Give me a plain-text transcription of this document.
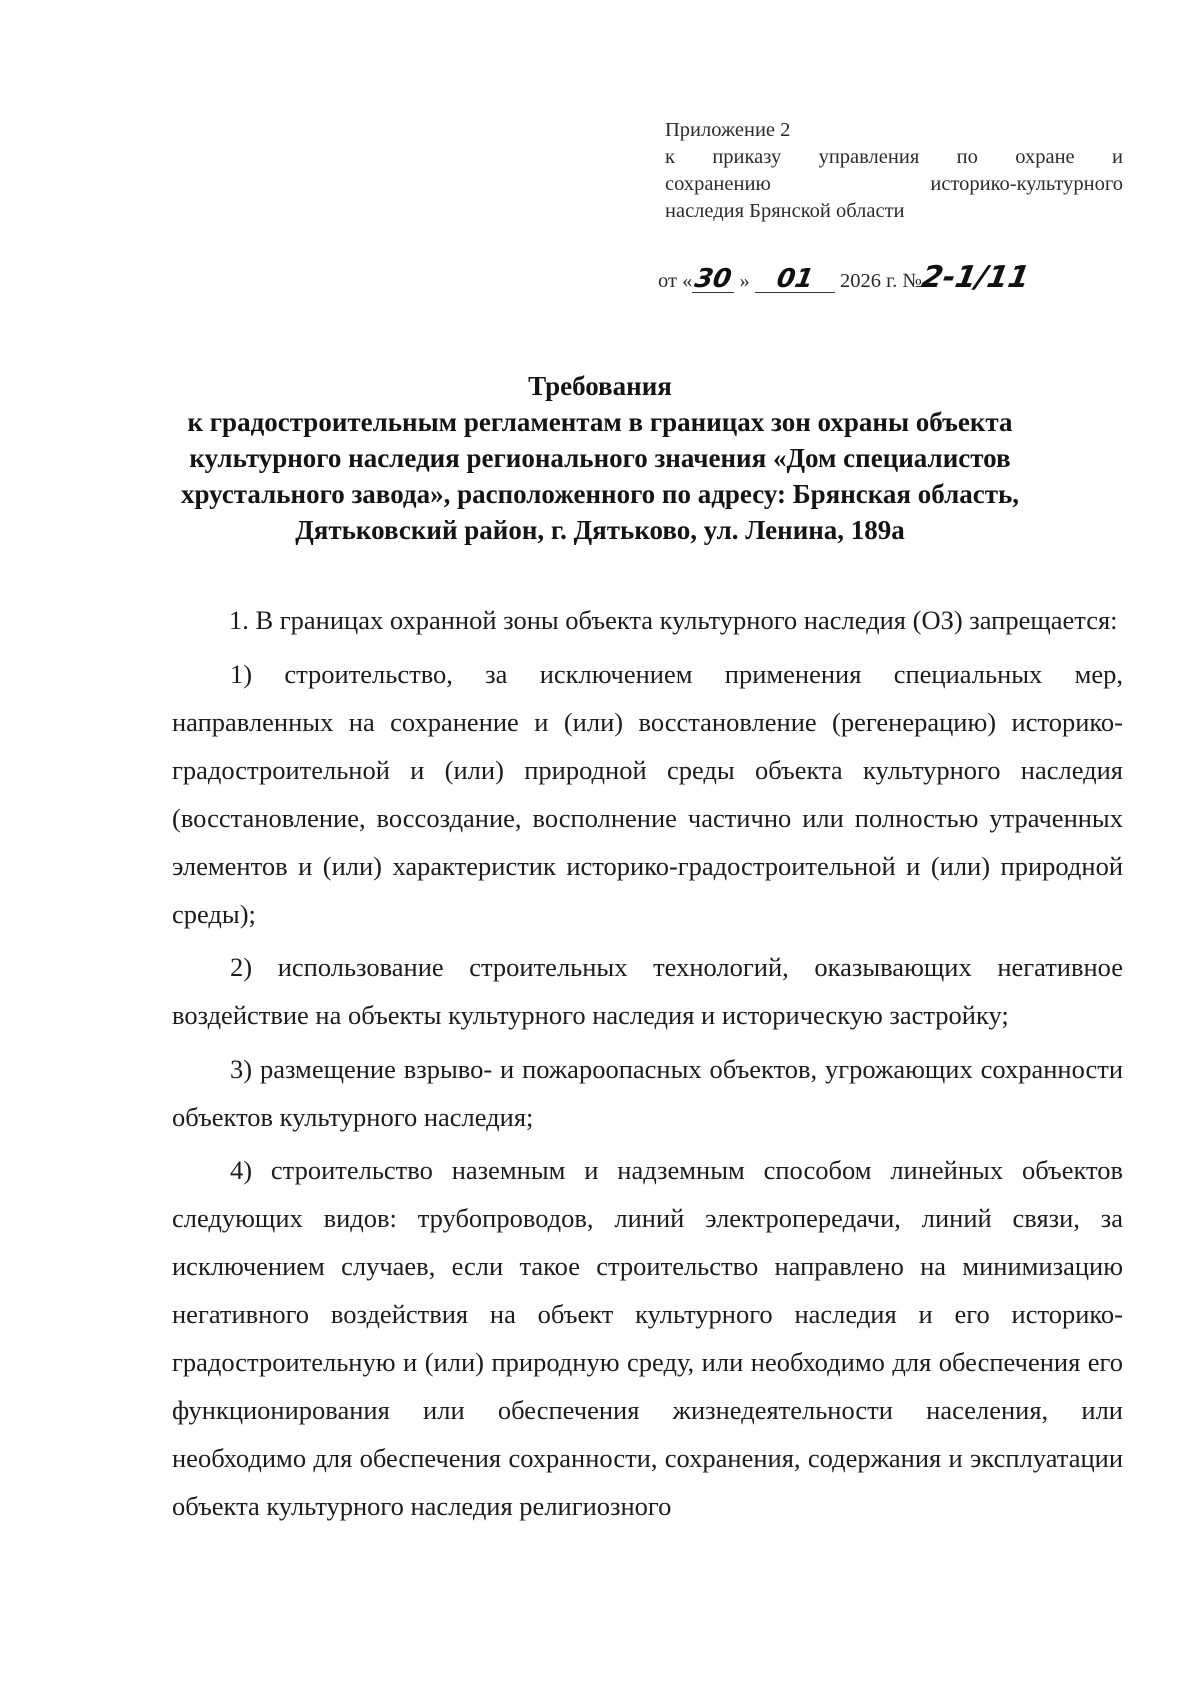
Приложение 2
к приказу управления по охране и
сохранению историко-культурного
наследия Брянской области
от «30 » 01 2026 г. №2-1/11
Требования
к градостроительным регламентам в границах зон охраны объекта
культурного наследия регионального значения «Дом специалистов
хрустального завода», расположенного по адресу: Брянская область,
Дятьковский район, г. Дятьково, ул. Ленина, 189а

1. В границах охранной зоны объекта культурного наследия (ОЗ) запрещается:

1) строительство, за исключением применения специальных мер, направленных на сохранение и (или) восстановление (регенерацию) историко-градостроительной и (или) природной среды объекта культурного наследия (восстановление, воссоздание, восполнение частично или полностью утраченных элементов и (или) характеристик историко-градостроительной и (или) природной среды);

2) использование строительных технологий, оказывающих негативное воздействие на объекты культурного наследия и историческую застройку;

3) размещение взрыво- и пожароопасных объектов, угрожающих сохранности объектов культурного наследия;

4) строительство наземным и надземным способом линейных объектов следующих видов: трубопроводов, линий электропередачи, линий связи, за исключением случаев, если такое строительство направлено на минимизацию негативного воздействия на объект культурного наследия и его историко-градостроительную и (или) природную среду, или необходимо для обеспечения его функционирования или обеспечения жизнедеятельности населения, или необходимо для обеспечения сохранности, сохранения, содержания и эксплуатации объекта культурного наследия религиозного
